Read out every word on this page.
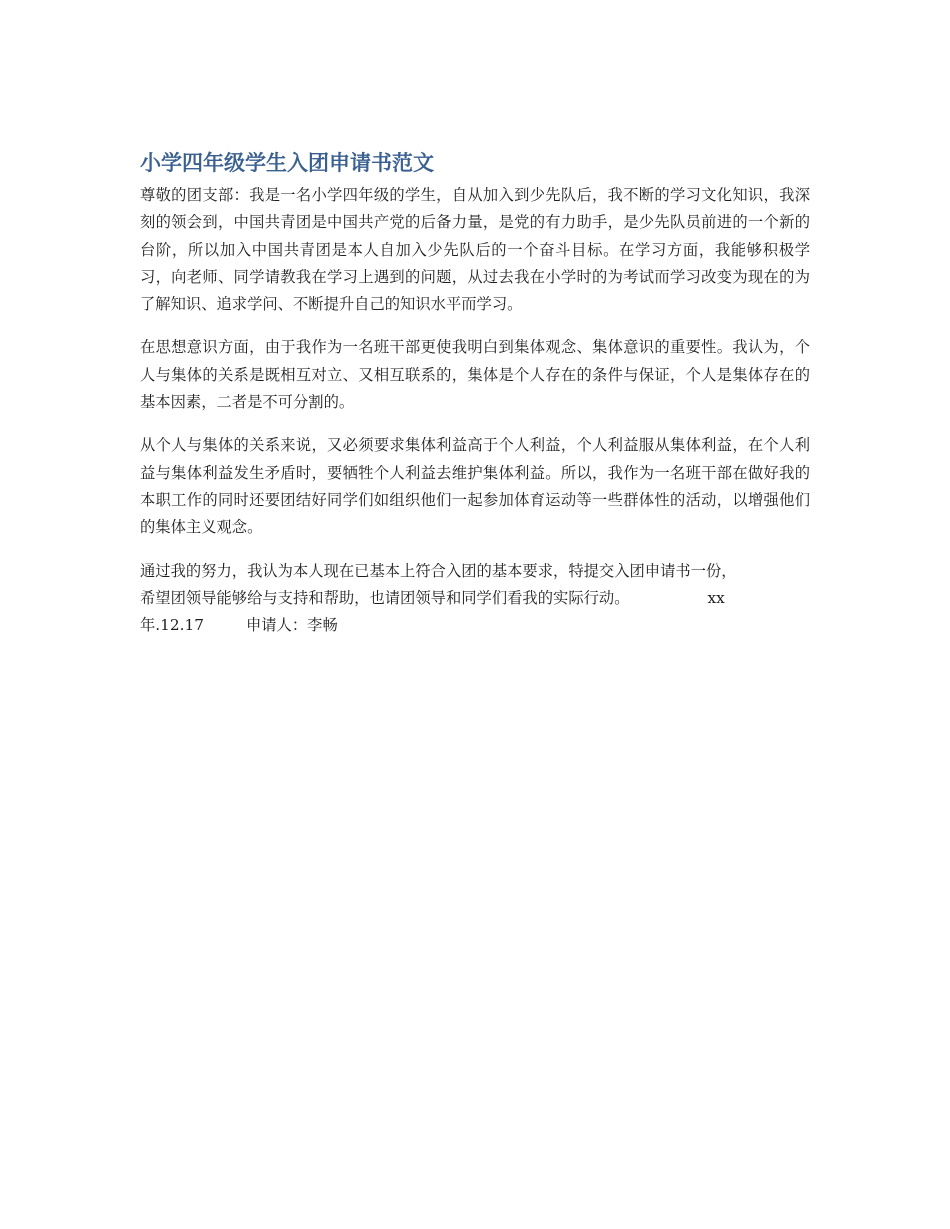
小学四年级学生入团申请书范文

尊敬的团支部：我是一名小学四年级的学生，自从加入到少先队后，我不断的学习文化知识，我深刻的领会到，中国共青团是中国共产党的后备力量，是党的有力助手，是少先队员前进的一个新的台阶，所以加入中国共青团是本人自加入少先队后的一个奋斗目标。在学习方面，我能够积极学习，向老师、同学请教我在学习上遇到的问题，从过去我在小学时的为考试而学习改变为现在的为了解知识、追求学问、不断提升自己的知识水平而学习。

在思想意识方面，由于我作为一名班干部更使我明白到集体观念、集体意识的重要性。我认为，个人与集体的关系是既相互对立、又相互联系的，集体是个人存在的条件与保证，个人是集体存在的基本因素，二者是不可分割的。

从个人与集体的关系来说，又必须要求集体利益高于个人利益，个人利益服从集体利益，在个人利益与集体利益发生矛盾时，要牺牲个人利益去维护集体利益。所以，我作为一名班干部在做好我的本职工作的同时还要团结好同学们如组织他们一起参加体育运动等一些群体性的活动，以增强他们的集体主义观念。

通过我的努力，我认为本人现在已基本上符合入团的基本要求，特提交入团申请书一份，
希望团领导能够给与支持和帮助，也请团领导和同学们看我的实际行动。	xx
年.12.17	申请人：李畅
